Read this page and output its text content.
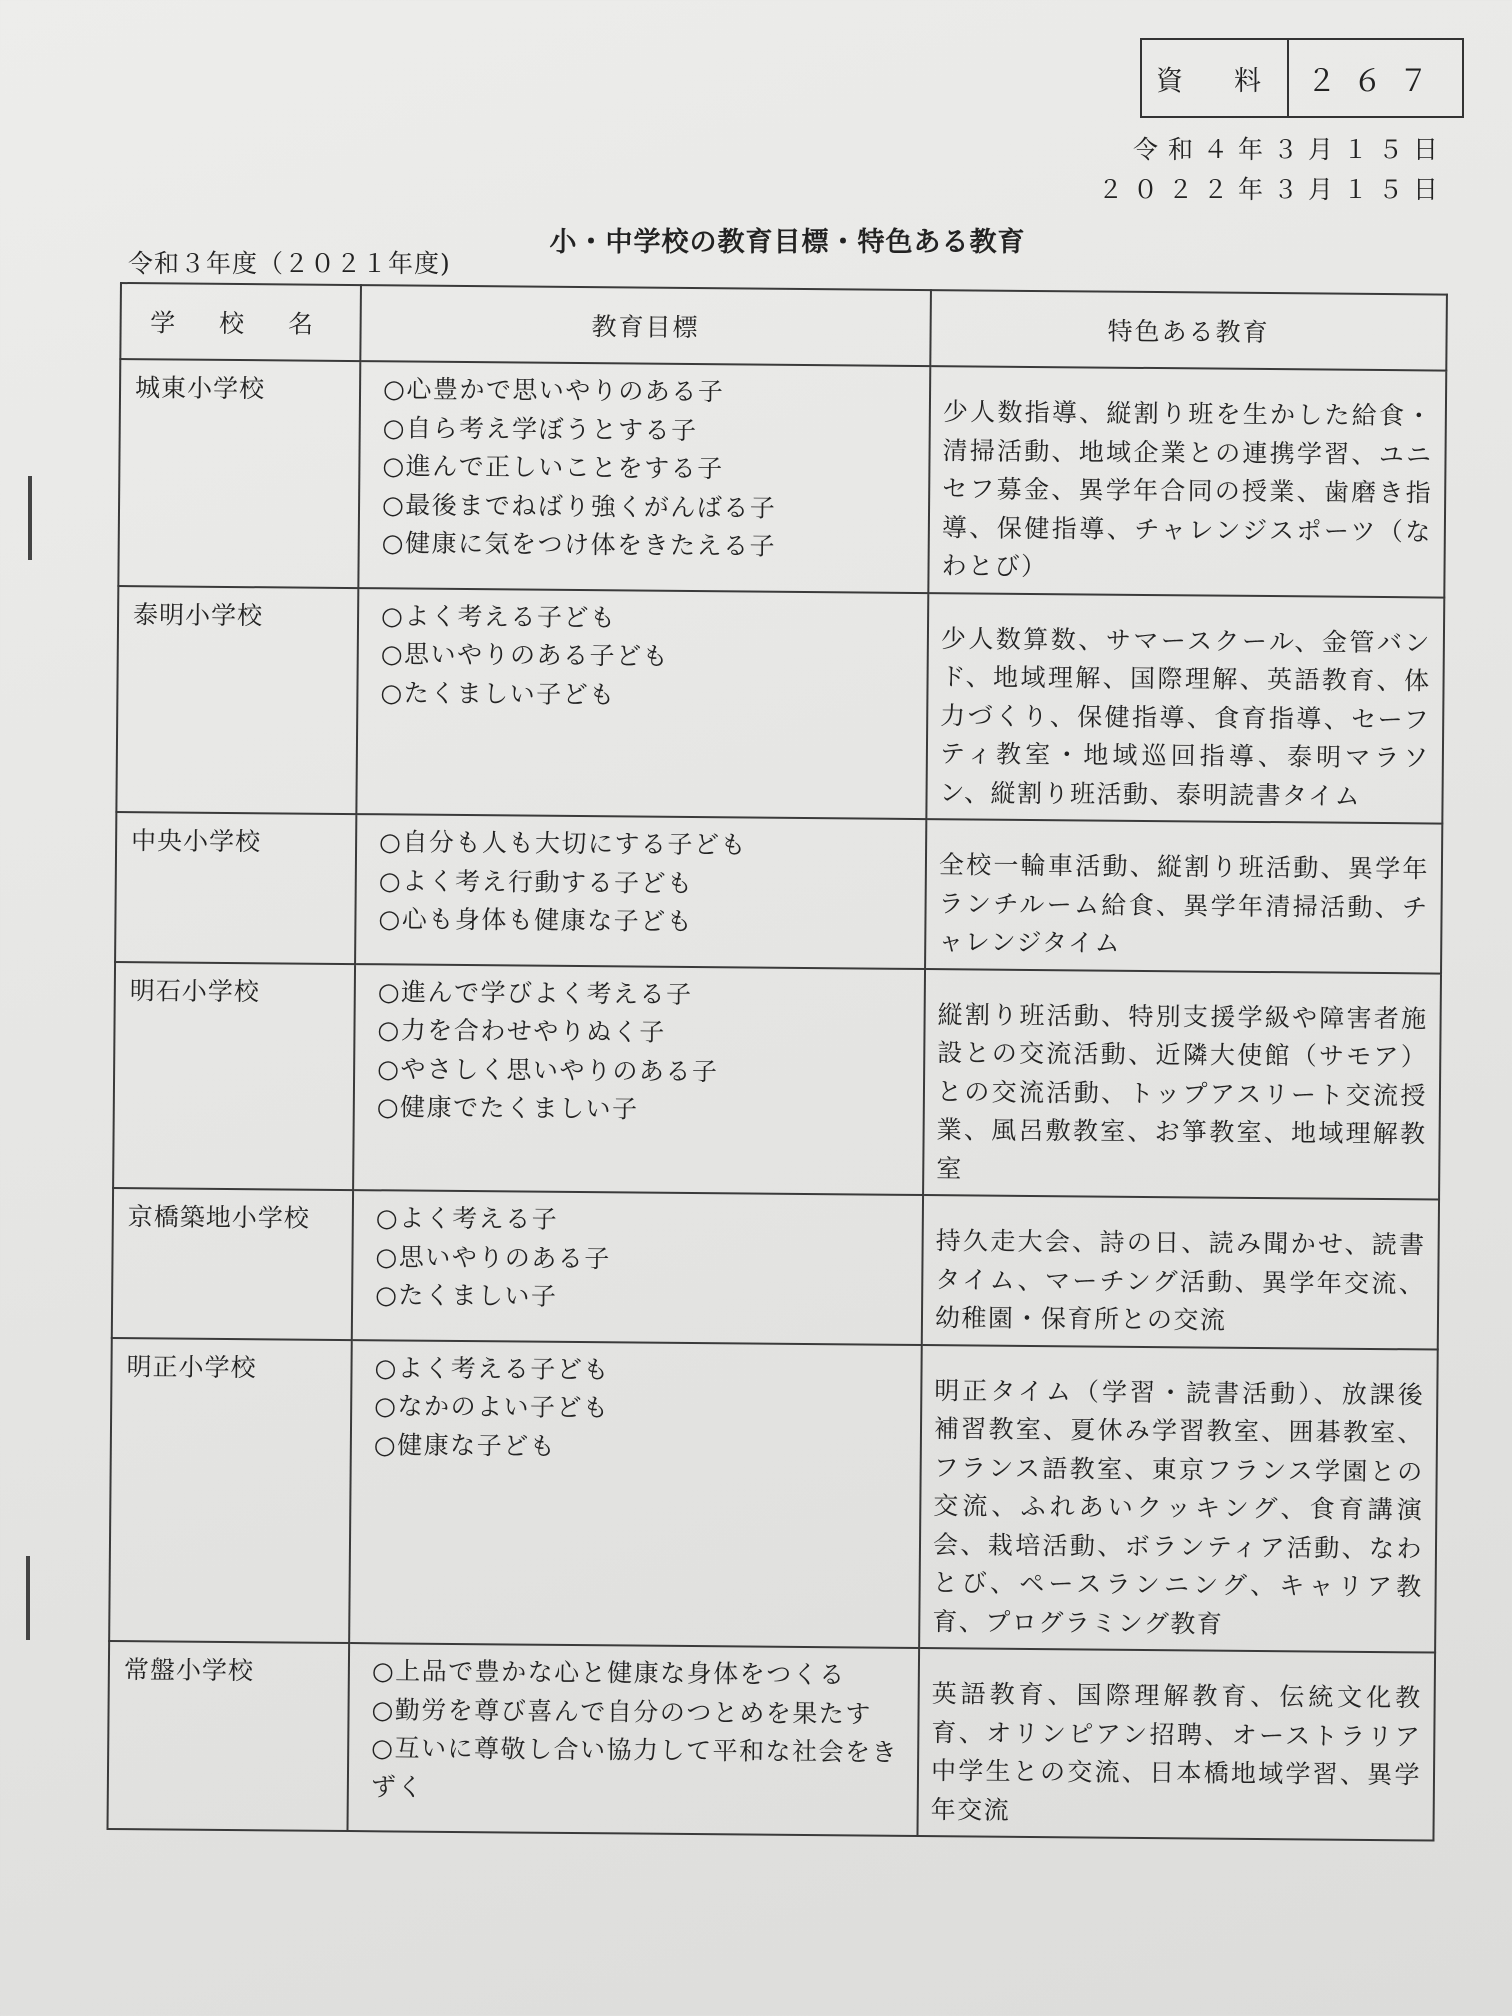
資　料	２６７
令和４年３月１５日
２０２２年３月１５日
小・中学校の教育目標・特色ある教育
令和３年度（２０２１年度)
学 校 名	教育目標	特色ある教育
城東小学校	○心豊かで思いやりのある子
○自ら考え学ぼうとする子
○進んで正しいことをする子
○最後までねばり強くがんばる子
○健康に気をつけ体をきたえる子	少人数指導、縦割り班を生かした給食・清掃活動、地域企業との連携学習、ユニセフ募金、異学年合同の授業、歯磨き指導、保健指導、チャレンジスポーツ（なわとび）
泰明小学校	○よく考える子ども
○思いやりのある子ども
○たくましい子ども	少人数算数、サマースクール、金管バンド、地域理解、国際理解、英語教育、体力づくり、保健指導、食育指導、セーフティ教室・地域巡回指導、泰明マラソン、縦割り班活動、泰明読書タイム
中央小学校	○自分も人も大切にする子ども
○よく考え行動する子ども
○心も身体も健康な子ども	全校一輪車活動、縦割り班活動、異学年ランチルーム給食、異学年清掃活動、チャレンジタイム
明石小学校	○進んで学びよく考える子
○力を合わせやりぬく子
○やさしく思いやりのある子
○健康でたくましい子	縦割り班活動、特別支援学級や障害者施設との交流活動、近隣大使館（サモア）との交流活動、トップアスリート交流授業、風呂敷教室、お箏教室、地域理解教室
京橋築地小学校	○よく考える子
○思いやりのある子
○たくましい子	持久走大会、詩の日、読み聞かせ、読書タイム、マーチング活動、異学年交流、幼稚園・保育所との交流
明正小学校	○よく考える子ども
○なかのよい子ども
○健康な子ども	明正タイム（学習・読書活動）、放課後補習教室、夏休み学習教室、囲碁教室、フランス語教室、東京フランス学園との交流、ふれあいクッキング、食育講演会、栽培活動、ボランティア活動、なわとび、ペースランニング、キャリア教育、プログラミング教育
常盤小学校	○上品で豊かな心と健康な身体をつくる
○勤労を尊び喜んで自分のつとめを果たす
○互いに尊敬し合い協力して平和な社会をきずく	英語教育、国際理解教育、伝統文化教育、オリンピアン招聘、オーストラリア中学生との交流、日本橋地域学習、異学年交流
